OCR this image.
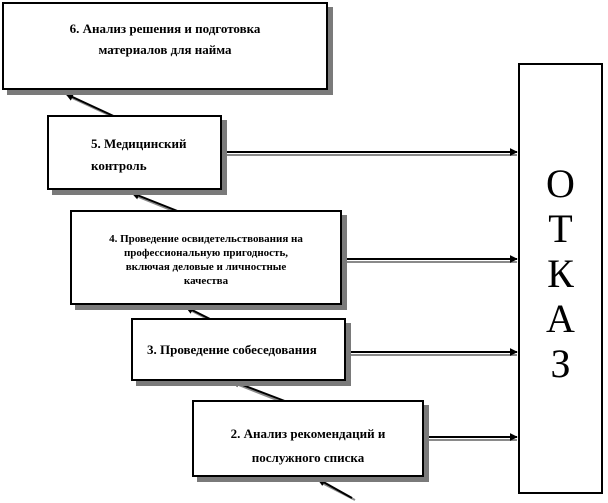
6. Анализ решения и подготовка
материалов для найма
5. Медицинский
контроль
4. Проведение освидетельствования на
профессиональную пригодность,
включая деловые и личностные
качества
3. Проведение собеседования
2. Анализ рекомендаций и
послужного списка
О
Т
К
А
З
